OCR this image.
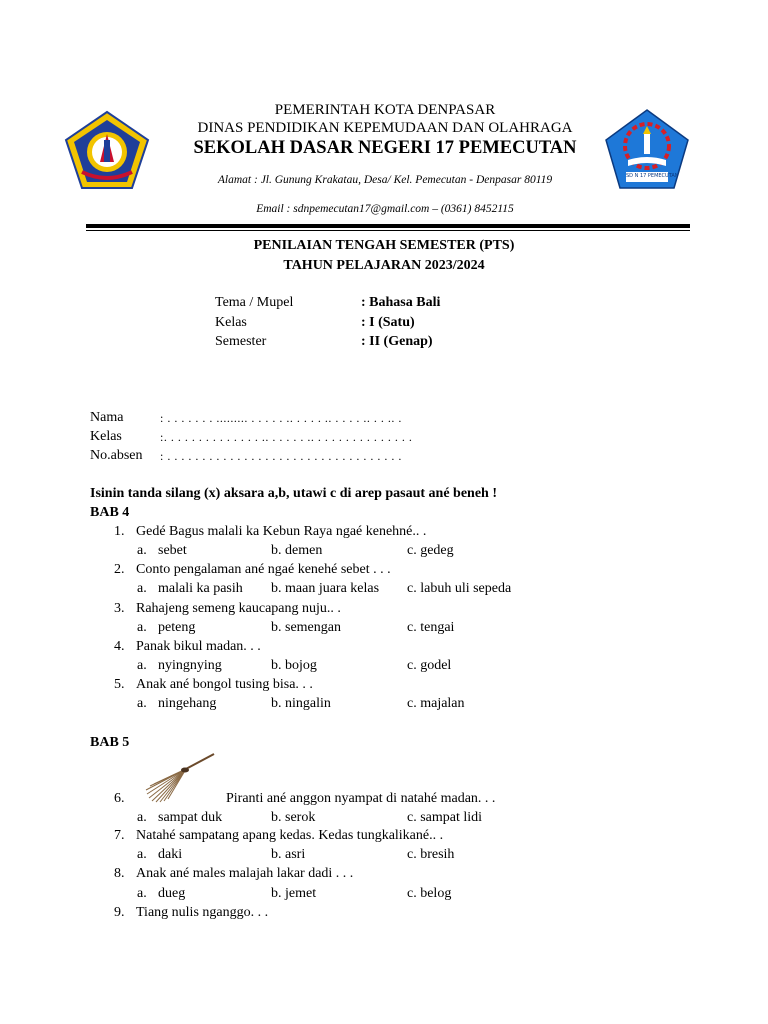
SD N 17 PEMECUTAN
PEMERINTAH KOTA DENPASAR
DINAS PENDIDIKAN KEPEMUDAAN DAN OLAHRAGA
SEKOLAH DASAR NEGERI 17 PEMECUTAN
Alamat : Jl. Gunung Krakatau, Desa/ Kel. Pemecutan - Denpasar 80119
Email : sdnpemecutan17@gmail.com – (0361) 8452115
PENILAIAN TENGAH SEMESTER (PTS)
TAHUN PELAJARAN 2023/2024
Tema / Mupel	: Bahasa Bali
Kelas	: I (Satu)
Semester	: II (Genap)
Nama	: . . . . . . . ......... . . . . . .. . . . . .. . . . . .. . . .. .
Kelas	:. . . . . . . . . . . . . . .. . . . . . .. . . . . . . . . . . . . . .
No.absen : . . . . . . . . . . . . . . . . . . . . . . . . . . . . . . . . . .
Isinin tanda silang (x) aksara a,b, utawi c di arep pasaut ané beneh !
BAB 4
1. Gedé Bagus malali ka Kebun Raya ngaé kenehné.. .
a. sebet	b. demen	c. gedeg
2. Conto pengalaman ané ngaé kenehé sebet . . .
a. malali ka pasih b. maan juara kelas c. labuh uli sepeda
3. Rahajeng semeng kaucapang nuju.. .
a. peteng	b. semengan	c. tengai
4. Panak bikul madan. . .
a. nyingnying	b. bojog	c. godel
5. Anak ané bongol tusing bisa. . .
a. ningehang	b. ningalin	c. majalan
BAB 5
6.	Piranti ané anggon nyampat di natahé madan. . .
a. sampat duk	b. serok	c. sampat lidi
7. Natahé sampatang apang kedas. Kedas tungkalikané.. .
a. daki	b. asri	c. bresih
8. Anak ané males malajah lakar dadi . . .
a. dueg	b. jemet	c. belog
9. Tiang nulis nganggo. . .
